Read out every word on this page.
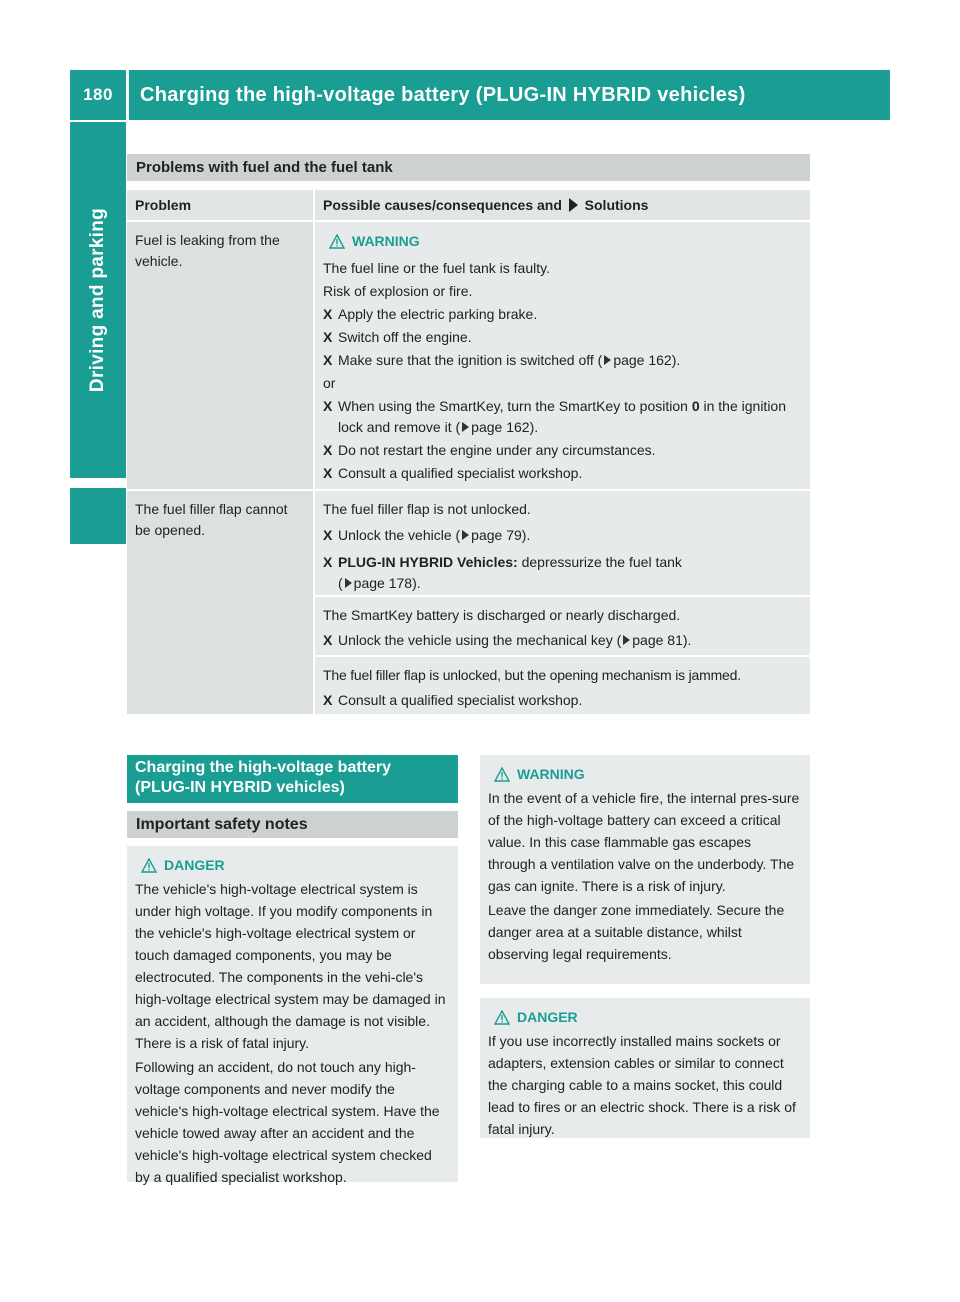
180	Charging the high-voltage battery (PLUG-IN HYBRID vehicles)
Driving and parking
Problems with fuel and the fuel tank
Problem	Possible causes/consequences and Solutions
Fuel is leaking from the vehicle.
WARNING
The fuel line or the fuel tank is faulty.
Risk of explosion or fire.
X Apply the electric parking brake.
X Switch off the engine.
X Make sure that the ignition is switched off ( page 162).
or
X When using the SmartKey, turn the SmartKey to position 0 in the ignition lock and remove it ( page 162).
X Do not restart the engine under any circumstances.
X Consult a qualified specialist workshop.
The fuel filler flap cannot be opened.
The fuel filler flap is not unlocked.
X Unlock the vehicle ( page 79).
X PLUG-IN HYBRID Vehicles: depressurize the fuel tank
( page 178).
The SmartKey battery is discharged or nearly discharged.
X Unlock the vehicle using the mechanical key ( page 81).
The fuel filler flap is unlocked, but the opening mechanism is jammed.
X Consult a qualified specialist workshop.
Charging the high-voltage battery (PLUG-IN HYBRID vehicles)
Important safety notes
DANGER
The vehicle's high-voltage electrical system is under high voltage. If you modify components in the vehicle's high-voltage electrical system or touch damaged components, you may be electrocuted. The components in the vehi-cle's high-voltage electrical system may be damaged in an accident, although the damage is not visible. There is a risk of fatal injury.
Following an accident, do not touch any high-voltage components and never modify the vehicle's high-voltage electrical system. Have the vehicle towed away after an accident and the vehicle's high-voltage electrical system checked by a qualified specialist workshop.
WARNING
In the event of a vehicle fire, the internal pres-sure of the high-voltage battery can exceed a critical value. In this case flammable gas escapes through a ventilation valve on the underbody. The gas can ignite. There is a risk of injury.
Leave the danger zone immediately. Secure the danger area at a suitable distance, whilst observing legal requirements.
DANGER
If you use incorrectly installed mains sockets or adapters, extension cables or similar to connect the charging cable to a mains socket, this could lead to fires or an electric shock. There is a risk of fatal injury.
